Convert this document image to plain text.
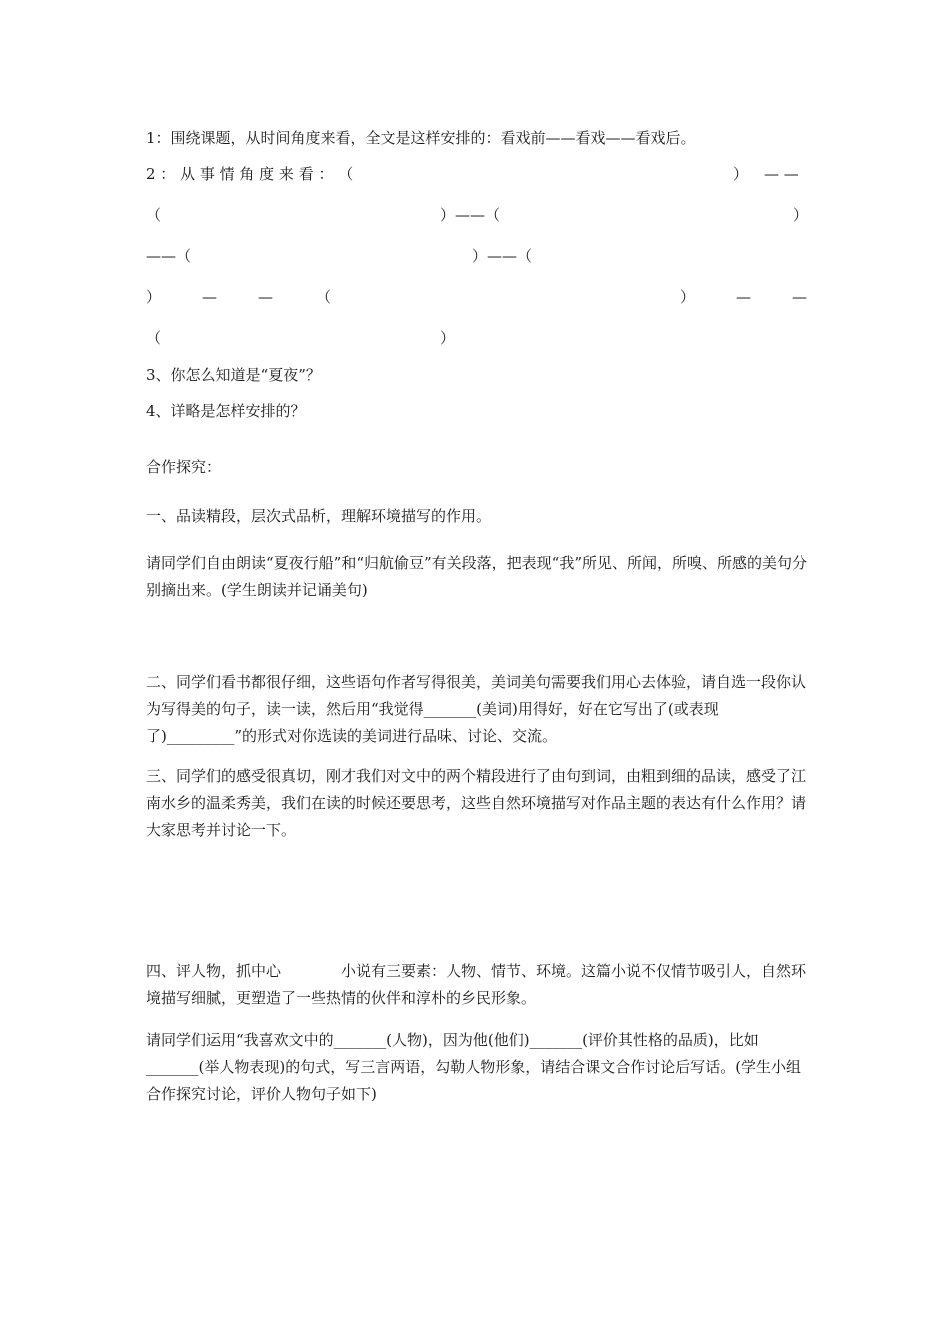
1：围绕课题，从时间角度来看，全文是这样安排的：看戏前——看戏——看戏后。
2 ： 从 事 情 角 度 来 看 ： （	） — —
（	）——（	）
——（	）——（
）	—	—	（	）	—	—
（	）
3、你怎么知道是“夏夜”？
4、详略是怎样安排的？
合作探究：
一、品读精段，层次式品析，理解环境描写的作用。

请同学们自由朗读“夏夜行船”和“归航偷豆”有关段落，把表现“我”所见、所闻，所嗅、所感的美句分别摘出来。(学生朗读并记诵美句)

二、同学们看书都很仔细，这些语句作者写得很美，美词美句需要我们用心去体验，请自选一段你认为写得美的句子，读一读，然后用“我觉得_______(美词)用得好，好在它写出了(或表现了)_________”的形式对你选读的美词进行品味、讨论、交流。

三、同学们的感受很真切，刚才我们对文中的两个精段进行了由句到词，由粗到细的品读，感受了江南水乡的温柔秀美，我们在读的时候还要思考，这些自然环境描写对作品主题的表达有什么作用？请大家思考并讨论一下。

四、评人物，抓中心　　　　小说有三要素：人物、情节、环境。这篇小说不仅情节吸引人，自然环境描写细腻，更塑造了一些热情的伙伴和淳朴的乡民形象。

请同学们运用“我喜欢文中的_______(人物)，因为他(他们)_______(评价其性格的品质)，比如_______(举人物表现)的句式，写三言两语，勾勒人物形象，请结合课文合作讨论后写话。(学生小组合作探究讨论，评价人物句子如下)
